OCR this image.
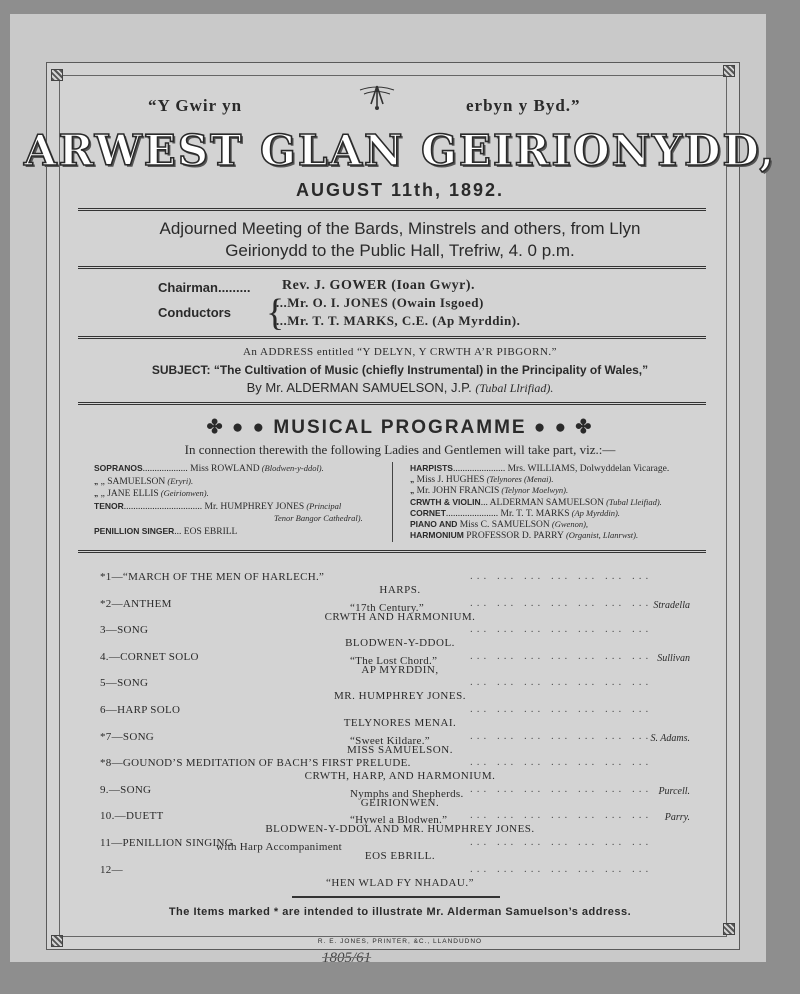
“Y Gwir yn	erbyn y Byd.”
ARWEST GLAN GEIRIONYDD,
AUGUST 11th, 1892.
Adjourned Meeting of the Bards, Minstrels and others, from Llyn
Geirionydd to the Public Hall, Trefriw, 4. 0 p.m.
Chairman......... Rev. J. GOWER (Ioan Gwyr).
Conductors {
...Mr. O. I. JONES (Owain Isgoed)
...Mr. T. T. MARKS, C.E. (Ap Myrddin).
An ADDRESS entitled “Y DELYN, Y CRWTH A’R PIBGORN.”
SUBJECT: “The Cultivation of Music (chiefly Instrumental) in the Principality of Wales,”
By Mr. ALDERMAN SAMUELSON, J.P. (Tubal Llrifiad).
✤ ● ● MUSICAL PROGRAMME ● ● ✤
In connection therewith the following Ladies and Gentlemen will take part, viz.:—
SOPRANOS................... Miss ROWLAND (Blodwen-y-ddol).
„ „ SAMUELSON (Eryri).
„ „ JANE ELLIS (Geirionwen).
TENOR................................. Mr. HUMPHREY JONES (Principal
Tenor Bangor Cathedral).
PENILLION SINGER... EOS EBRILL
HARPISTS...................... Mrs. WILLIAMS, Dolwyddelan Vicarage.
„ Miss J. HUGHES (Telynores (Menai).
„ Mr. JOHN FRANCIS (Telynor Moelwyn).
CRWTH & VIOLIN... ALDERMAN SAMUELSON (Tubal Lleifiad).
CORNET...................... Mr. T. T. MARKS (Ap Myrddin).
PIANO AND Miss C. SAMUELSON (Gwenon),
HARMONIUM PROFESSOR D. PARRY (Organist, Llanrwst).
*1—“MARCH OF THE MEN OF HARLECH.”	... ... ... ... ... ... ...
HARPS.
*2—ANTHEM	... ... ... ... ... ... ...
“17th Century.”	Stradella
CRWTH AND HARMONIUM.
3—SONG	... ... ... ... ... ... ...
BLODWEN-Y-DDOL.
4.—CORNET SOLO	... ... ... ... ... ... ...
“The Lost Chord.”	Sullivan
AP MYRDDIN,
5—SONG	... ... ... ... ... ... ...
MR. HUMPHREY JONES.
6—HARP SOLO	... ... ... ... ... ... ...
TELYNORES MENAI.
*7—SONG	... ... ... ... ... ... ...
“Sweet Kildare.”	S. Adams.
MISS SAMUELSON.
*8—GOUNOD’S MEDITATION OF BACH’S FIRST PRELUDE.	... ... ... ... ... ... ...
CRWTH, HARP, AND HARMONIUM.
9.—SONG	... ... ... ... ... ... ...
Nymphs and Shepherds.	Purcell.
GEIRIONWEN.
10.—DUETT	... ... ... ... ... ... ...
“Hywel a Blodwen.”	Parry.
BLODWEN-Y-DDOL AND MR. HUMPHREY JONES.
11—PENILLION SINGING	... ... ... ... ... ... ...
with Harp Accompaniment
EOS EBRILL.
12—	... ... ... ... ... ... ...
“HEN WLAD FY NHADAU.”
The Items marked * are intended to illustrate Mr. Alderman Samuelson’s address.
R. E. JONES, PRINTER, &C., LLANDUDNO
1805/61
